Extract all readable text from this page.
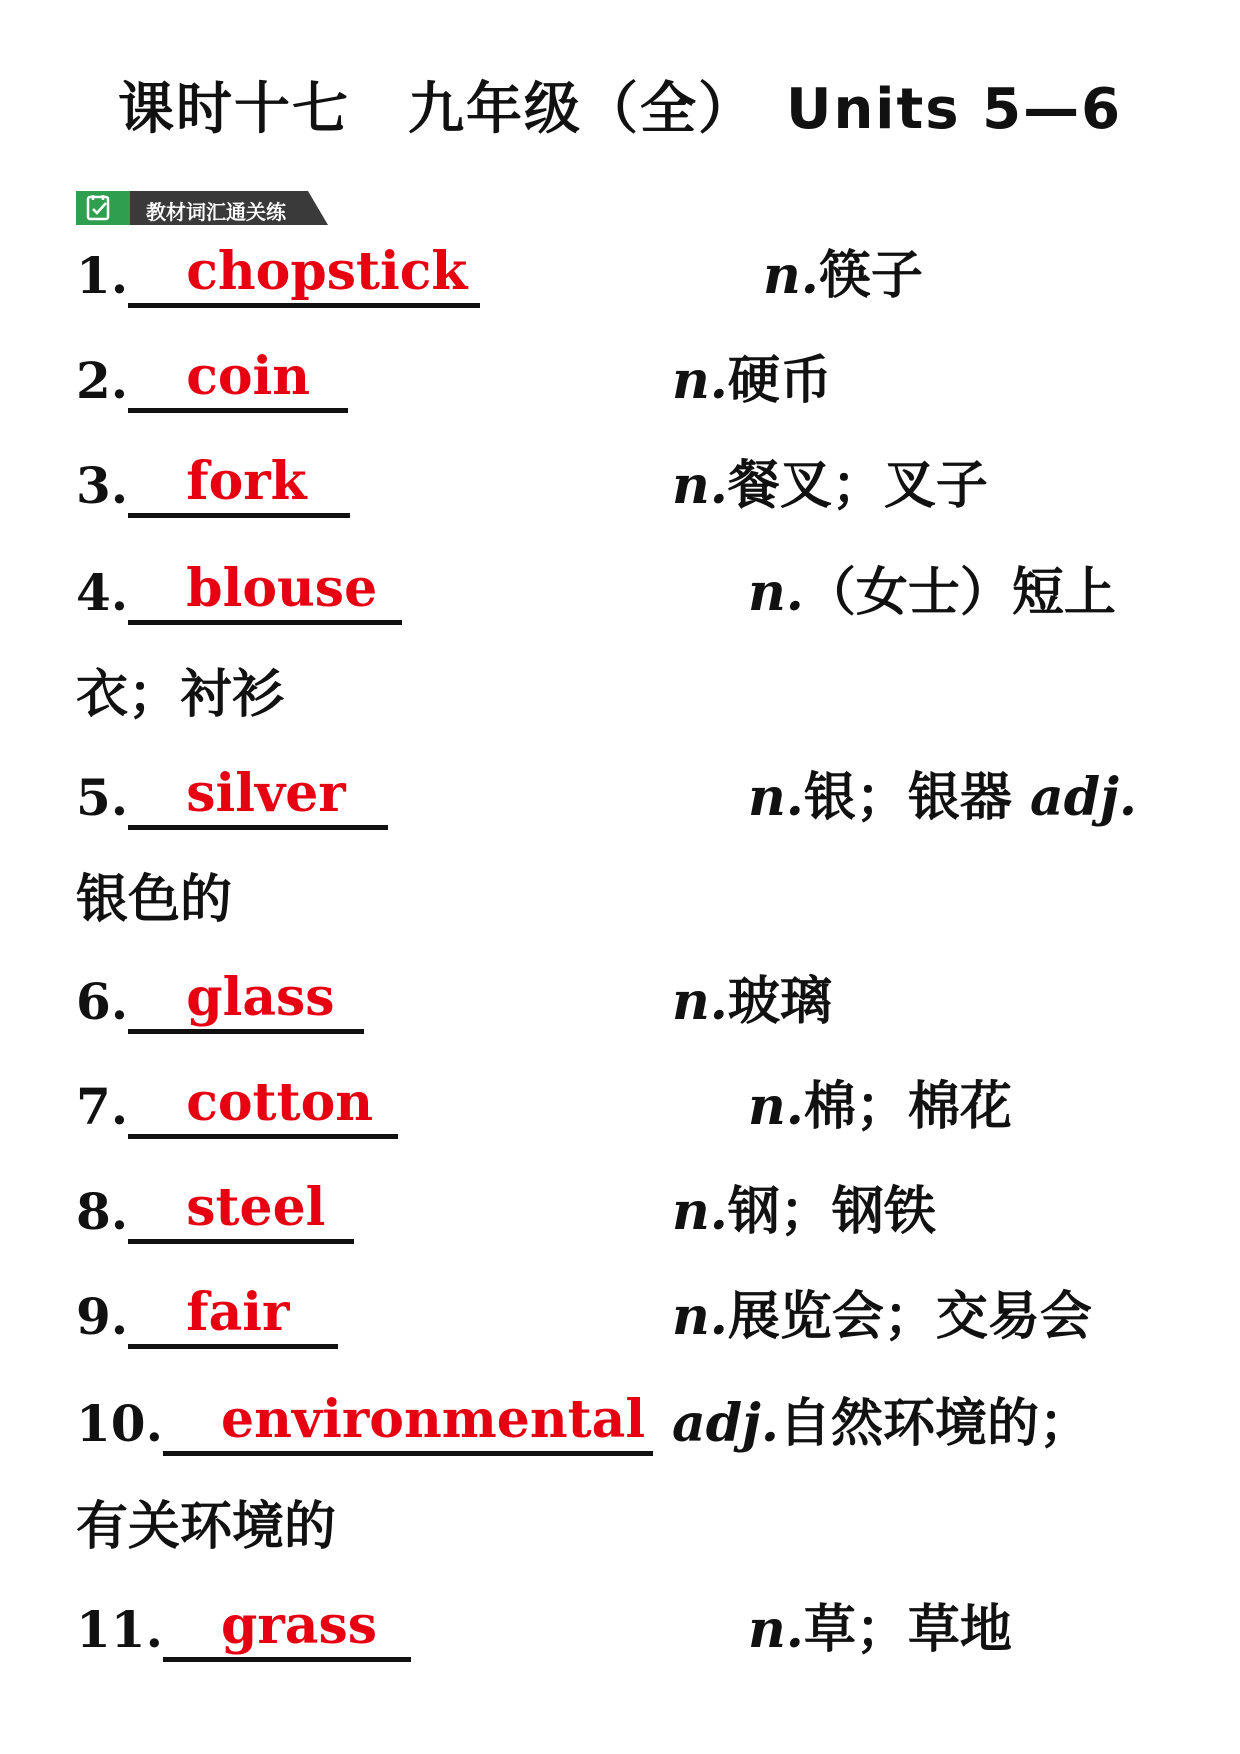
课时十七　九年级（全）　Units 5—6
教材词汇通关练
1. chopstick	n.筷子
2. coin	n.硬币
3. fork	n.餐叉；叉子
4. blouse	n.（女士）短上
衣；衬衫
5. silver	n.银；银器 adj.
银色的
6. glass	n.玻璃
7. cotton	n.棉；棉花
8. steel	n.钢；钢铁
9. fair	n.展览会；交易会
10. environmental adj.自然环境的；
有关环境的
11. grass	n.草；草地
